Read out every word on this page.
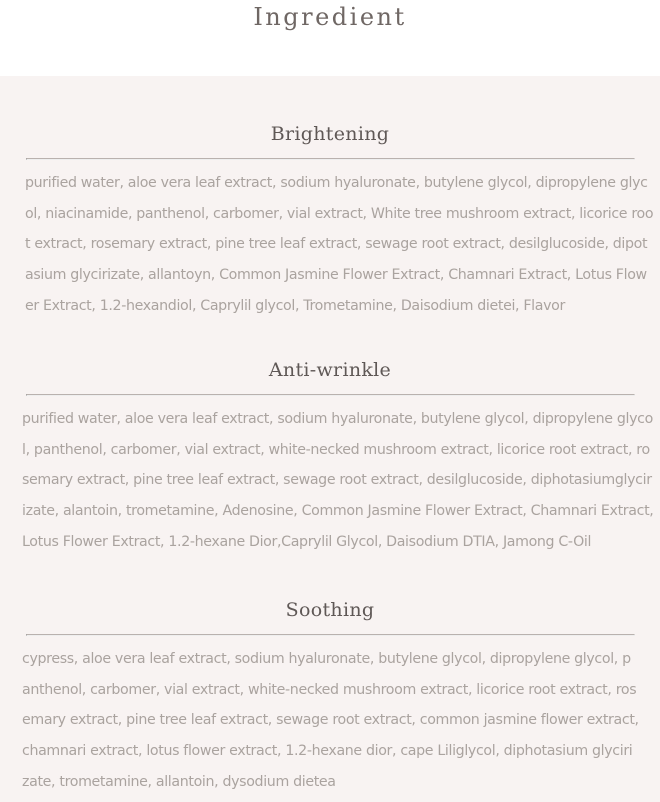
Ingredient
Brightening

purified water, aloe vera leaf extract, sodium hyaluronate, butylene glycol, dipropylene glycol, niacinamide, panthenol, carbomer, vial extract, White tree mushroom extract, licorice root extract, rosemary extract, pine tree leaf extract, sewage root extract, desilglucoside, dipotasium glycirizate, allantoyn, Common Jasmine Flower Extract, Chamnari Extract, Lotus Flower Extract, 1.2-hexandiol, Caprylil glycol, Trometamine, Daisodium dietei, Flavor

Anti-wrinkle

purified water, aloe vera leaf extract, sodium hyaluronate, butylene glycol, dipropylene glycol, panthenol, carbomer, vial extract, white-necked mushroom extract, licorice root extract, rosemary extract, pine tree leaf extract, sewage root extract, desilglucoside, diphotasiumglycirizate, alantoin, trometamine, Adenosine, Common Jasmine Flower Extract, Chamnari Extract, Lotus Flower Extract, 1.2-hexane Dior,Caprylil Glycol, Daisodium DTIA, Jamong C-Oil

Soothing

cypress, aloe vera leaf extract, sodium hyaluronate, butylene glycol, dipropylene glycol, panthenol, carbomer, vial extract, white-necked mushroom extract, licorice root extract, rosemary extract, pine tree leaf extract, sewage root extract, common jasmine flower extract, chamnari extract, lotus flower extract, 1.2-hexane dior, cape Liliglycol, diphotasium glycirizate, trometamine, allantoin, dysodium dietea
